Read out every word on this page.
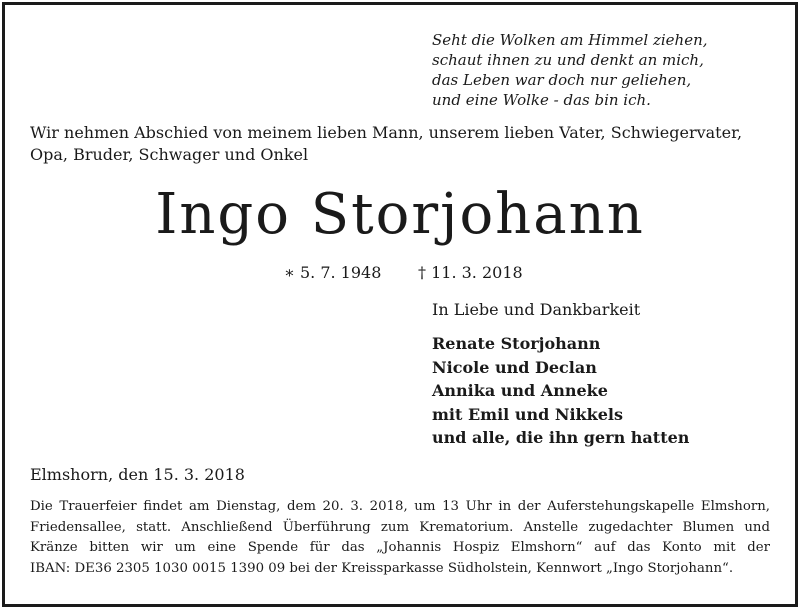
Seht die Wolken am Himmel ziehen,
schaut ihnen zu und denkt an mich,
das Leben war doch nur geliehen,
und eine Wolke - das bin ich.
Wir nehmen Abschied von meinem lieben Mann, unserem lieben Vater, Schwiegervater, Opa, Bruder, Schwager und Onkel
Ingo Storjohann
∗ 5. 7. 1948 † 11. 3. 2018
In Liebe und Dankbarkeit
Renate Storjohann
Nicole und Declan
Annika und Anneke
mit Emil und Nikkels
und alle, die ihn gern hatten
Elmshorn, den 15. 3. 2018
Die Trauerfeier findet am Dienstag, dem 20. 3. 2018, um 13 Uhr in der Auferstehungskapelle Elmshorn,
Friedensallee, statt. Anschließend Überführung zum Krematorium. Anstelle zugedachter Blumen und
Kränze bitten wir um eine Spende für das „Johannis Hospiz Elmshorn“ auf das Konto mit der
IBAN: DE36 2305 1030 0015 1390 09 bei der Kreissparkasse Südholstein, Kennwort „Ingo Storjohann“.
